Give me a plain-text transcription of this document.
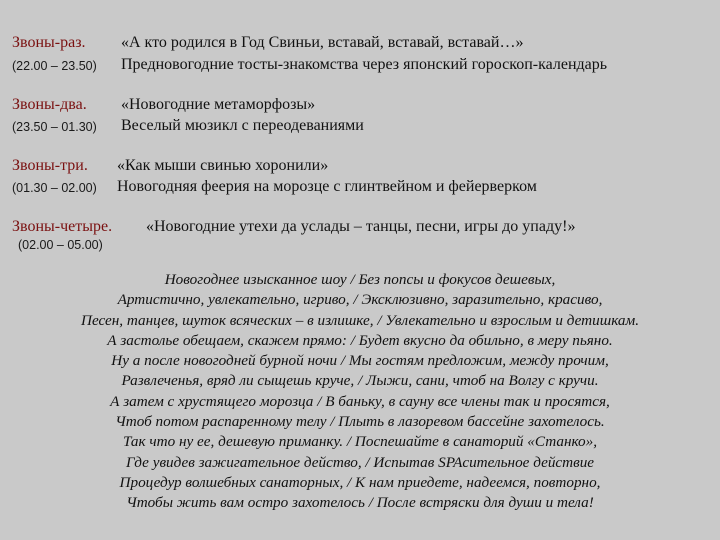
Звоны-раз.
(22.00 – 23.50)
«А кто родился в Год Свиньи, вставай, вставай, вставай…»
Предновогодние тосты-знакомства через японский гороскоп-календарь
Звоны-два.
(23.50 – 01.30)
«Новогодние метаморфозы»
Веселый мюзикл с переодеваниями
Звоны-три.
(01.30 – 02.00)
«Как мыши свинью хоронили»
Новогодняя феерия на морозце с глинтвейном и фейерверком
Звоны-четыре.
(02.00 – 05.00)
«Новогодние утехи да услады – танцы, песни, игры до упаду!»
Новогоднее изысканное шоу / Без попсы и фокусов дешевых,
Артистично, увлекательно, игриво, / Эксклюзивно, заразительно, красиво,
Песен, танцев, шуток всяческих – в излишке, / Увлекательно и взрослым и детишкам.
А застолье обещаем, скажем прямо: / Будет вкусно да обильно, в меру пьяно.
Ну а после новогодней бурной ночи / Мы гостям предложим, между прочим,
Развлеченья, вряд ли сыщешь круче, / Лыжи, сани, чтоб на Волгу с кручи.
А затем с хрустящего морозца / В баньку, в сауну все члены так и просятся,
Чтоб потом распаренному телу / Плыть в лазоревом бассейне захотелось.
Так что ну ее, дешевую приманку. / Поспешайте в санаторий «Станко»,
Где увидев зажигательное действо, / Испытав SPAсительное действие
Процедур волшебных санаторных, / К нам приедете, надеемся, повторно,
Чтобы жить вам остро захотелось / После встряски для души и тела!
